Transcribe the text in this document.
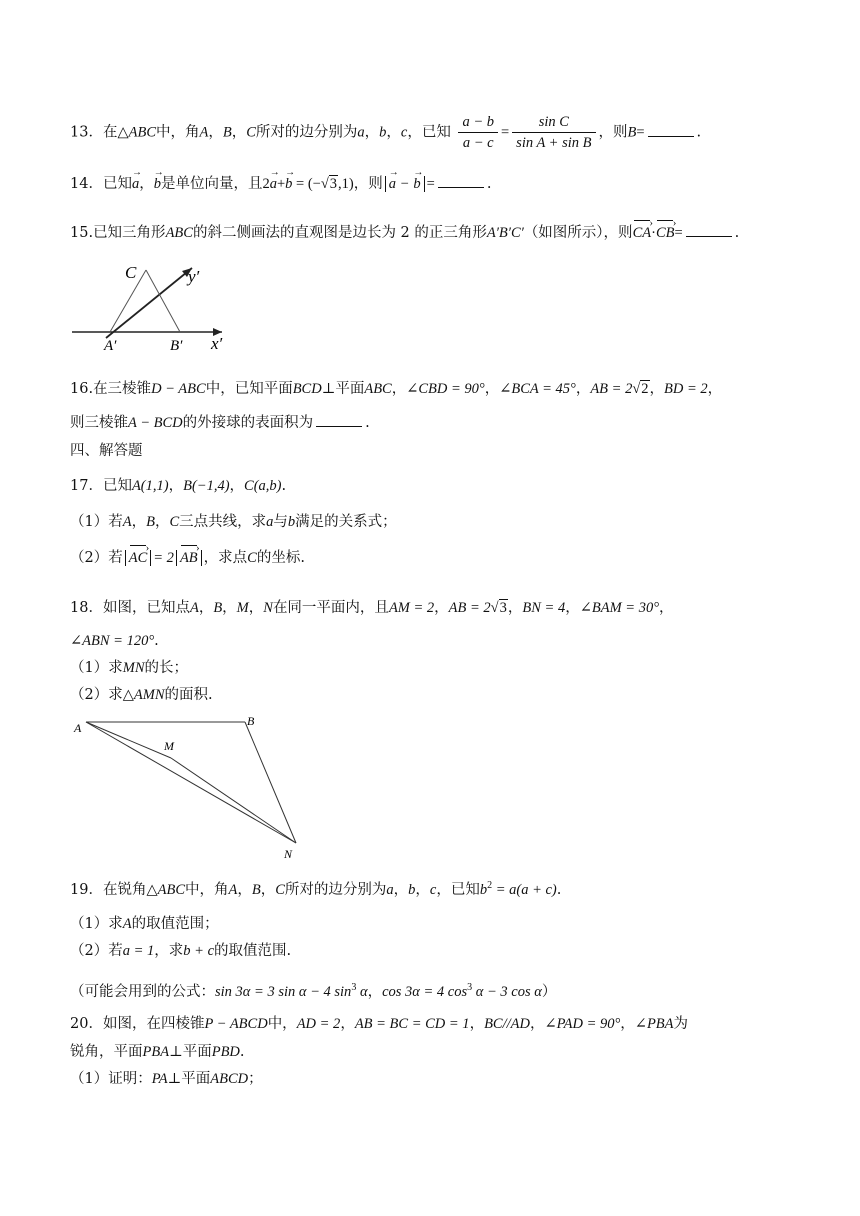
13．在△ABC中，角A，B，C所对的边分别为a，b，c，已知 $\frac{a - b}{a - c} = \frac{\text{sin C}}{\text{sin A + sin B}}$ ，则B=	.
14．已知→ a，→ b是单位向量，且2→ a+→ b = (−√3,1)，则 → a − → b =	.
15.已知三角形ABC的斜二侧画法的直观图是边长为 2 的正三角形A′B′C′（如图所示），则CA ›·CB ›=	.
C	y′
A′	B′ x′
16.在三棱锥D − ABC中，已知平面BCD⊥平面ABC，∠CBD = 90°，∠BCA = 45°，AB = 2√2，BD = 2，
则三棱锥A − BCD的外接球的表面积为	.
四、解答题
17．已知A(1,1)，B(−1,4)，C(a,b).
（1）若A，B，C三点共线，求a与b满足的关系式；
（2）若 AC › = 2 AB › ，求点C的坐标.
18．如图，已知点A，B，M，N在同一平面内，且AM = 2，AB = 2√3，BN = 4，∠BAM = 30°，
∠ABN = 120°.
（1）求MN的长；
（2）求△AMN的面积.
A	B
M
N
19．在锐角△ABC中，角A，B，C所对的边分别为a，b，c，已知$b^2 = a(a + c)$.
（1）求A的取值范围；
（2）若a = 1，求b + c的取值范围.
（可能会用到的公式：sin 3α = 3 sin α − 4 $\sin^3 \alpha$，cos 3α = 4 $\cos^3 \alpha - 3$ cos α）
20．如图，在四棱锥P − ABCD中，AD = 2，AB = BC = CD = 1，BC//AD，∠PAD = 90°，∠PBA为
锐角，平面PBA⊥平面PBD.
（1）证明：PA⊥平面ABCD；
